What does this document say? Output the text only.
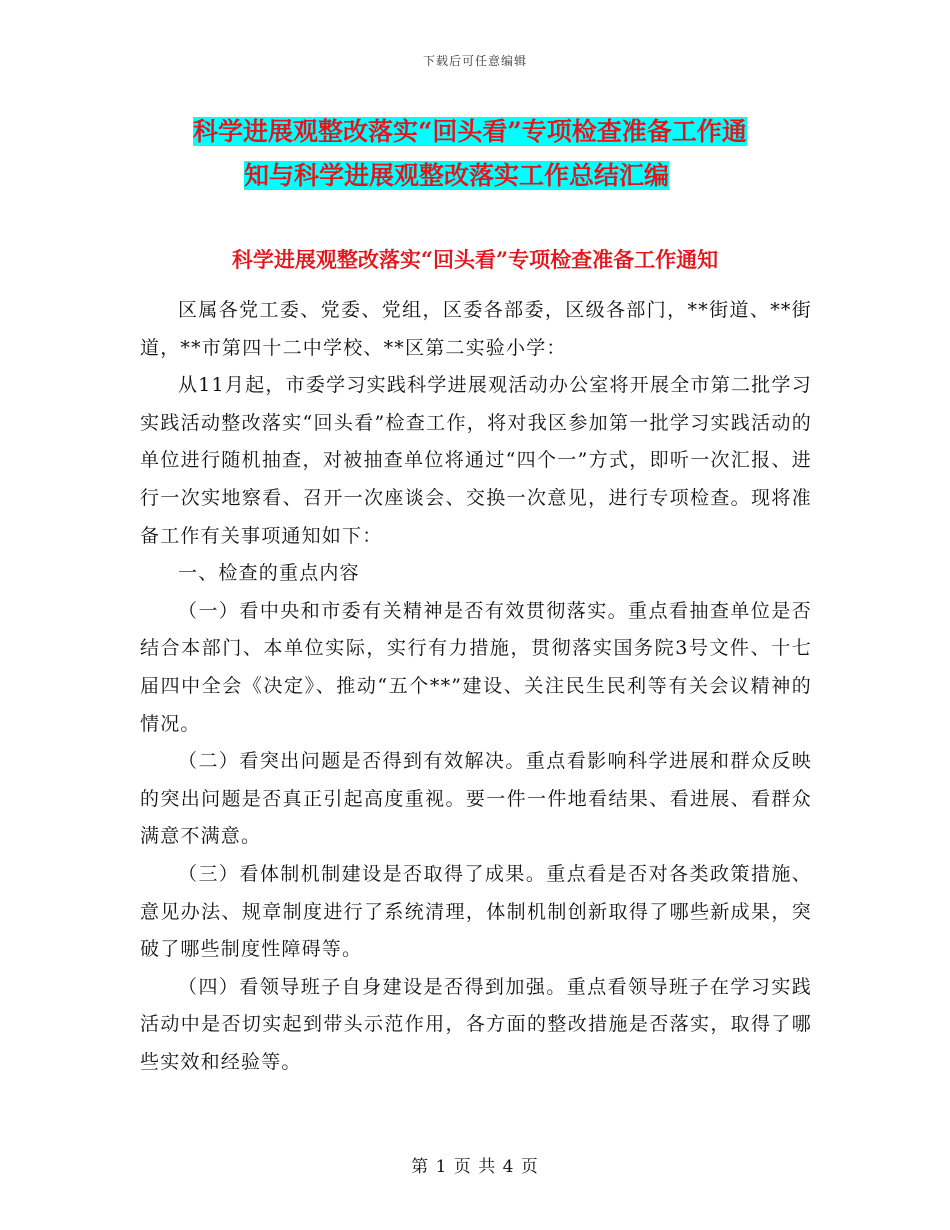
下载后可任意编辑
科学进展观整改落实“回头看”专项检查准备工作通
知与科学进展观整改落实工作总结汇编
科学进展观整改落实“回头看”专项检查准备工作通知

区属各党工委、党委、党组，区委各部委，区级各部门，**街道、**街道，**市第四十二中学校、**区第二实验小学：

从11月起，市委学习实践科学进展观活动办公室将开展全市第二批学习实践活动整改落实“回头看”检查工作，将对我区参加第一批学习实践活动的单位进行随机抽查，对被抽查单位将通过“四个一”方式，即听一次汇报、进行一次实地察看、召开一次座谈会、交换一次意见，进行专项检查。现将准备工作有关事项通知如下：

一、检查的重点内容

（一）看中央和市委有关精神是否有效贯彻落实。重点看抽查单位是否结合本部门、本单位实际，实行有力措施，贯彻落实国务院3号文件、十七届四中全会《决定》、推动“五个**”建设、关注民生民利等有关会议精神的情况。

（二）看突出问题是否得到有效解决。重点看影响科学进展和群众反映的突出问题是否真正引起高度重视。要一件一件地看结果、看进展、看群众满意不满意。

（三）看体制机制建设是否取得了成果。重点看是否对各类政策措施、意见办法、规章制度进行了系统清理，体制机制创新取得了哪些新成果，突破了哪些制度性障碍等。

（四）看领导班子自身建设是否得到加强。重点看领导班子在学习实践活动中是否切实起到带头示范作用，各方面的整改措施是否落实，取得了哪些实效和经验等。

第 1 页 共 4 页
